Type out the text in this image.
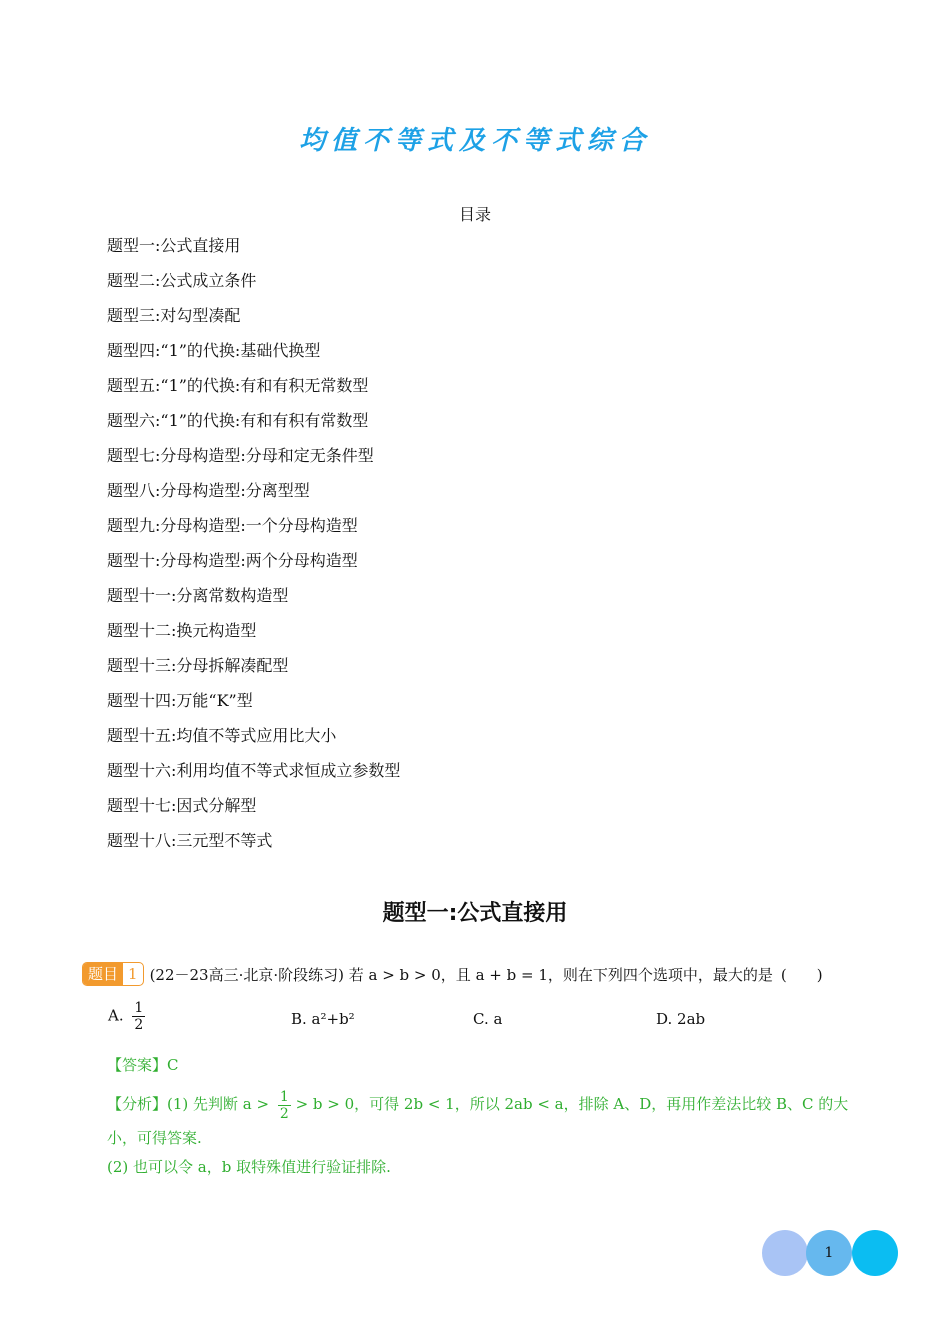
均值不等式及不等式综合
目录
题型一:公式直接用
题型二:公式成立条件
题型三:对勾型凑配
题型四:“1”的代换:基础代换型
题型五:“1”的代换:有和有积无常数型
题型六:“1”的代换:有和有积有常数型
题型七:分母构造型:分母和定无条件型
题型八:分母构造型:分离型型
题型九:分母构造型:一个分母构造型
题型十:分母构造型:两个分母构造型
题型十一:分离常数构造型
题型十二:换元构造型
题型十三:分母拆解凑配型
题型十四:万能“K”型
题型十五:均值不等式应用比大小
题型十六:利用均值不等式求恒成立参数型
题型十七:因式分解型
题型十八:三元型不等式
题型一:公式直接用
题目 1 (22－23高三·北京·阶段练习) 若 a > b > 0，且 a + b = 1，则在下列四个选项中，最大的是 (　　)
A. $\frac{1}{2}$	B. a²+b²	C. a	D. 2ab
【答案】C
【分析】(1) 先判断 $a > \frac{1}{2} > b > 0$，可得 2b < 1，所以 2ab < a，排除 A、D，再用作差法比较 B、C 的大小，可得答案.
(2) 也可以令 a，b 取特殊值进行验证排除.
1
